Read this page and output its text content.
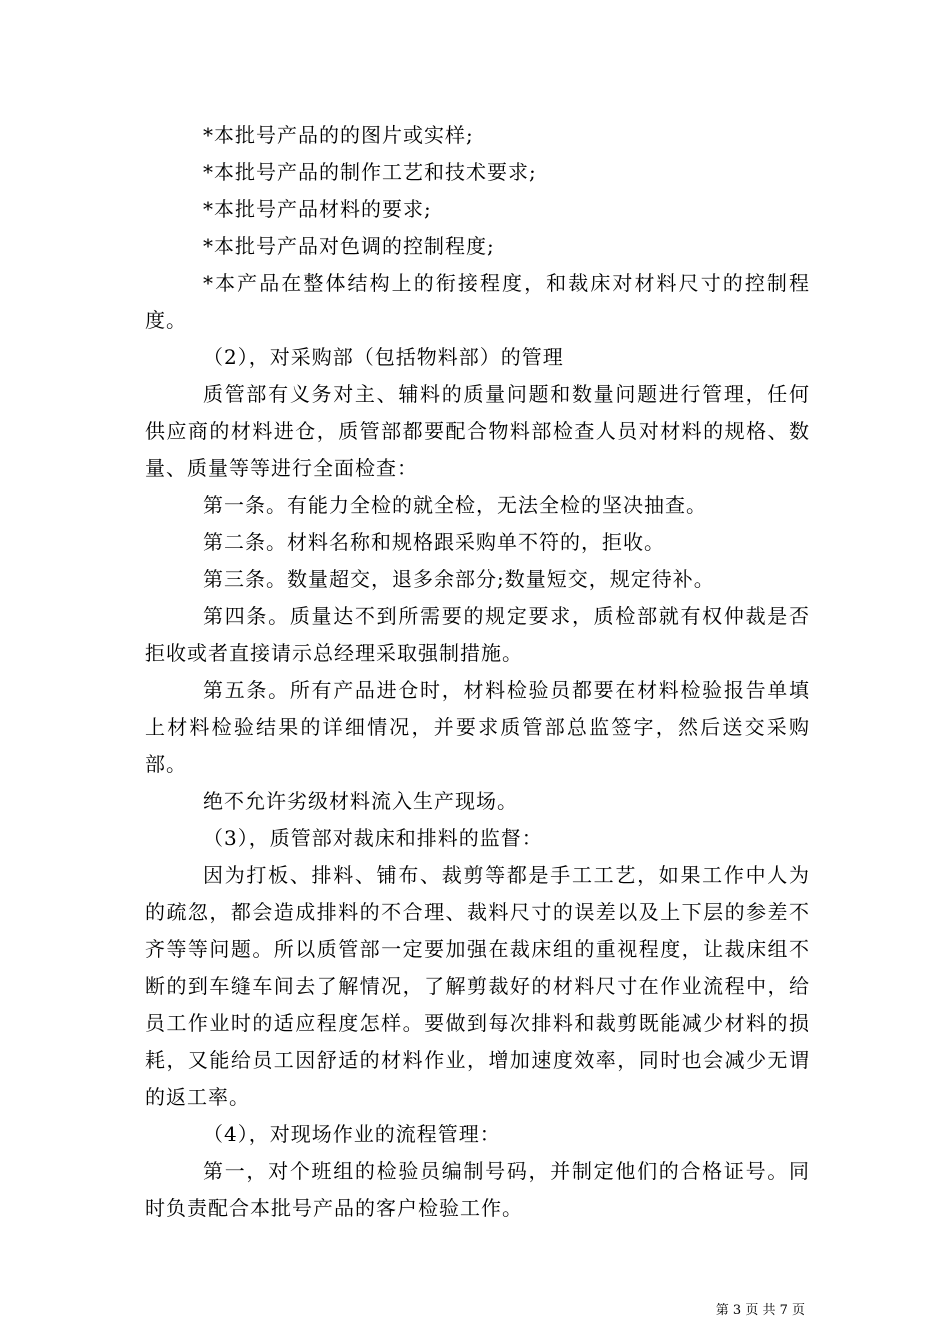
*本批号产品的的图片或实样;

*本批号产品的制作工艺和技术要求;

*本批号产品材料的要求;

*本批号产品对色调的控制程度;

*本产品在整体结构上的衔接程度，和裁床对材料尺寸的控制程度。

（2），对采购部（包括物料部）的管理

质管部有义务对主、辅料的质量问题和数量问题进行管理，任何供应商的材料进仓，质管部都要配合物料部检查人员对材料的规格、数量、质量等等进行全面检查：

第一条。有能力全检的就全检，无法全检的坚决抽查。

第二条。材料名称和规格跟采购单不符的，拒收。

第三条。数量超交，退多余部分;数量短交，规定待补。

第四条。质量达不到所需要的规定要求，质检部就有权仲裁是否拒收或者直接请示总经理采取强制措施。

第五条。所有产品进仓时，材料检验员都要在材料检验报告单填上材料检验结果的详细情况，并要求质管部总监签字，然后送交采购部。

绝不允许劣级材料流入生产现场。

（3），质管部对裁床和排料的监督：

因为打板、排料、铺布、裁剪等都是手工工艺，如果工作中人为的疏忽，都会造成排料的不合理、裁料尺寸的误差以及上下层的参差不齐等等问题。所以质管部一定要加强在裁床组的重视程度，让裁床组不断的到车缝车间去了解情况，了解剪裁好的材料尺寸在作业流程中，给员工作业时的适应程度怎样。要做到每次排料和裁剪既能减少材料的损耗，又能给员工因舒适的材料作业，增加速度效率，同时也会减少无谓的返工率。

（4），对现场作业的流程管理：

第一，对个班组的检验员编制号码，并制定他们的合格证号。同时负责配合本批号产品的客户检验工作。

第 3 页 共 7 页
